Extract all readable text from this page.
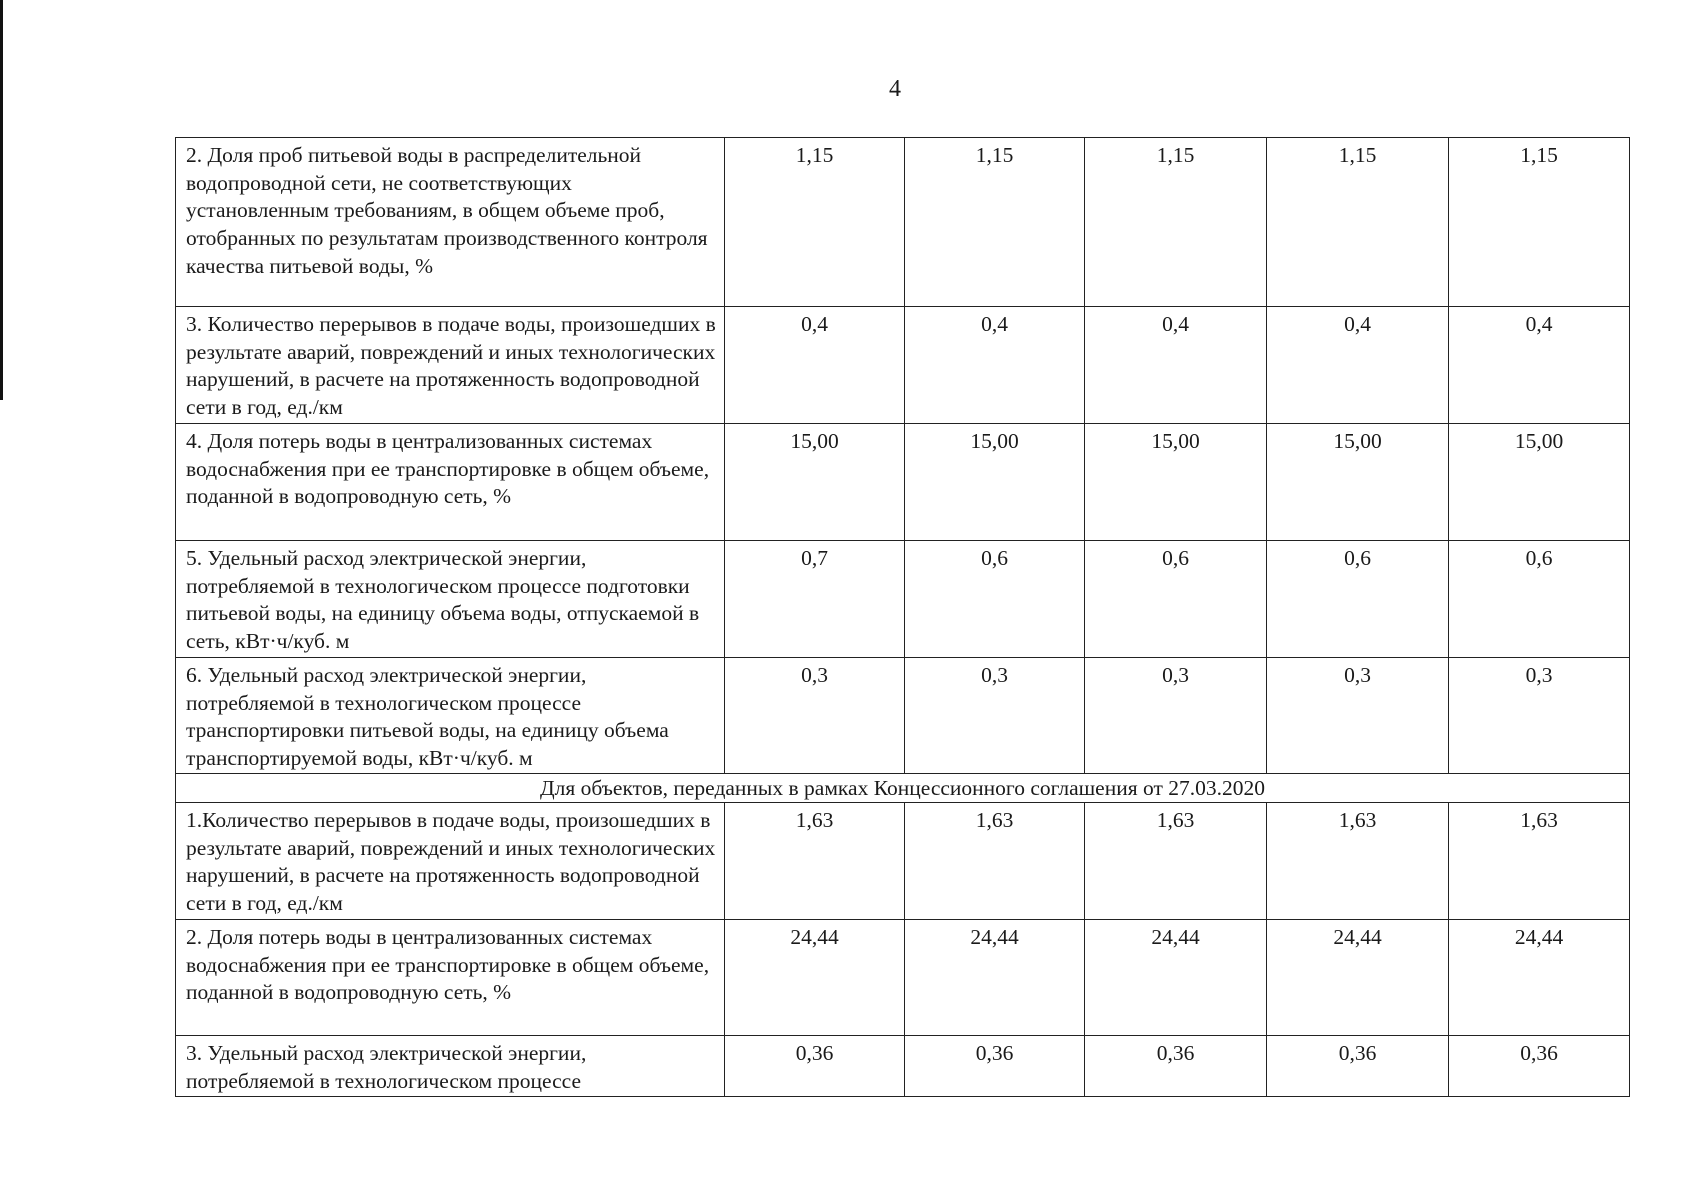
4
2. Доля проб питьевой воды в распределительной водопроводной сети, не соответствующих установленным требованиям, в общем объеме проб, отобранных по результатам производственного контроля качества питьевой воды, %	1,15	1,15	1,15	1,15	1,15
3. Количество перерывов в подаче воды, произошедших в результате аварий, повреждений и иных технологических нарушений, в расчете на протяженность водопроводной сети в год, ед./км	0,4	0,4	0,4	0,4	0,4
4. Доля потерь воды в централизованных системах водоснабжения при ее транспортировке в общем объеме, поданной в водопроводную сеть, %	15,00	15,00	15,00	15,00	15,00
5. Удельный расход электрической энергии, потребляемой в технологическом процессе подготовки питьевой воды, на единицу объема воды, отпускаемой в сеть, кВт·ч/куб. м	0,7	0,6	0,6	0,6	0,6
6. Удельный расход электрической энергии, потребляемой в технологическом процессе транспортировки питьевой воды, на единицу объема транспортируемой воды, кВт·ч/куб. м	0,3	0,3	0,3	0,3	0,3
Для объектов, переданных в рамках Концессионного соглашения от 27.03.2020					
1.Количество перерывов в подаче воды, произошедших в результате аварий, повреждений и иных технологических нарушений, в расчете на протяженность водопроводной сети в год, ед./км	1,63	1,63	1,63	1,63	1,63
2. Доля потерь воды в централизованных системах водоснабжения при ее транспортировке в общем объеме, поданной в водопроводную сеть, %	24,44	24,44	24,44	24,44	24,44
3. Удельный расход электрической энергии, потребляемой в технологическом процессе	0,36	0,36	0,36	0,36	0,36
